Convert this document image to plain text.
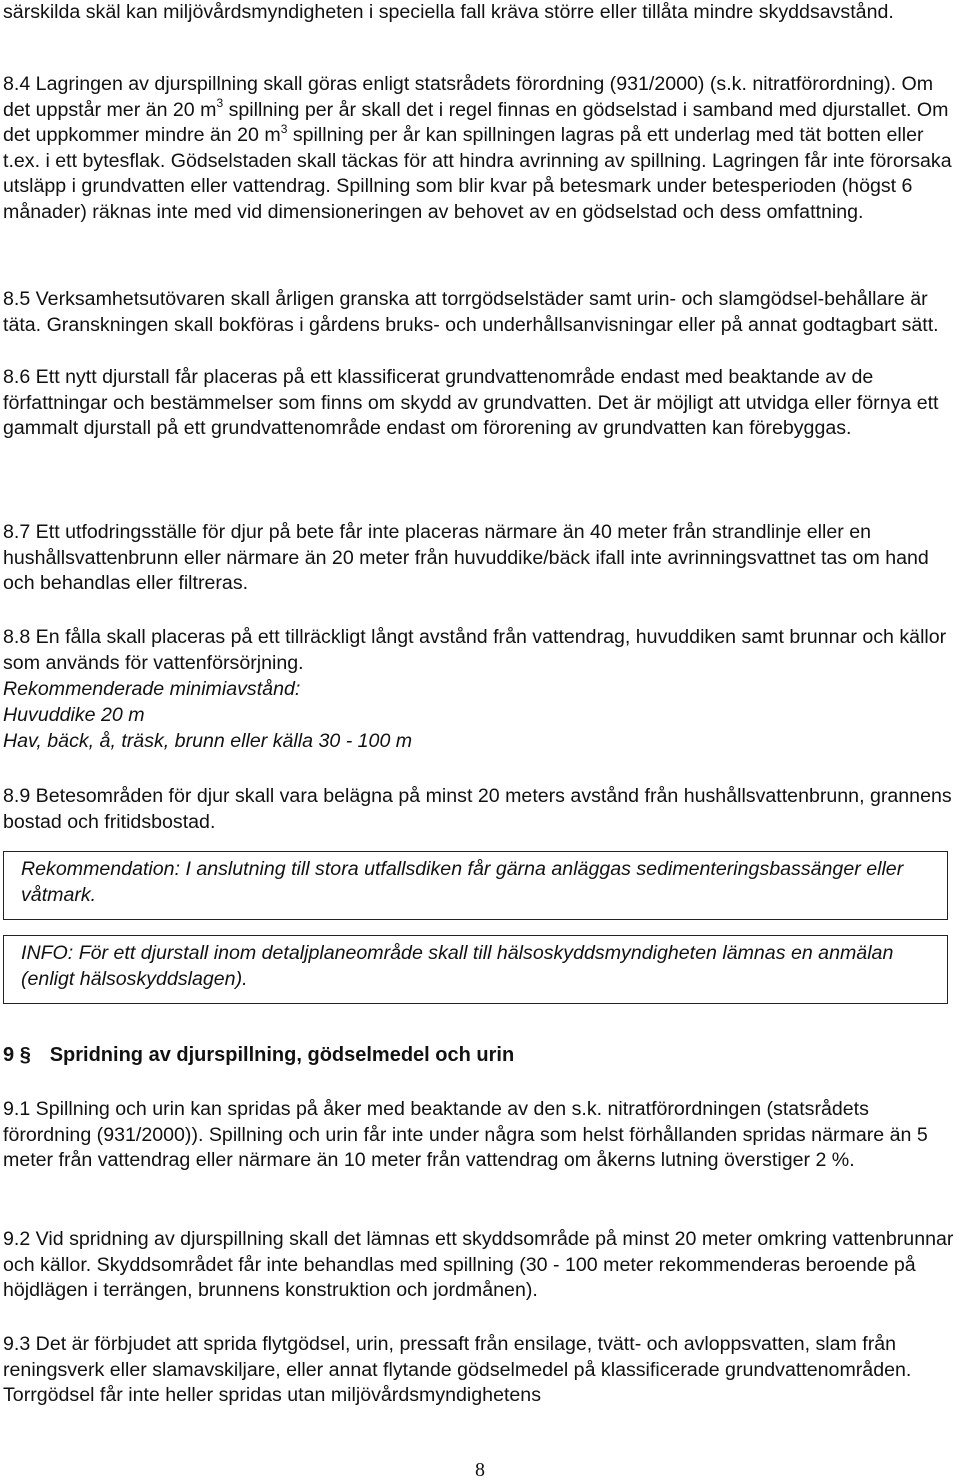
särskilda skäl kan miljövårdsmyndigheten i speciella fall kräva större eller tillåta mindre skyddsavstånd.

8.4 Lagringen av djurspillning skall göras enligt statsrådets förordning (931/2000) (s.k. nitratförordning). Om det uppstår mer än 20 $m^3$ spillning per år skall det i regel finnas en gödselstad i samband med djurstallet. Om det uppkommer mindre än 20 $m^3$ spillning per år kan spillningen lagras på ett underlag med tät botten eller t.ex. i ett bytesflak. Gödselstaden skall täckas för att hindra avrinning av spillning. Lagringen får inte förorsaka utsläpp i grundvatten eller vattendrag. Spillning som blir kvar på betesmark under betesperioden (högst 6 månader) räknas inte med vid dimensioneringen av behovet av en gödselstad och dess omfattning.

8.5 Verksamhetsutövaren skall årligen granska att torrgödselstäder samt urin- och slamgödsel-behållare är täta. Granskningen skall bokföras i gårdens bruks- och underhållsanvisningar eller på annat godtagbart sätt.

8.6 Ett nytt djurstall får placeras på ett klassificerat grundvattenområde endast med beaktande av de författningar och bestämmelser som finns om skydd av grundvatten. Det är möjligt att utvidga eller förnya ett gammalt djurstall på ett grundvattenområde endast om förorening av grundvatten kan förebyggas.

8.7 Ett utfodringsställe för djur på bete får inte placeras närmare än 40 meter från strandlinje eller en hushållsvattenbrunn eller närmare än 20 meter från huvuddike/bäck ifall inte avrinningsvattnet tas om hand och behandlas eller filtreras.

8.8 En fålla skall placeras på ett tillräckligt långt avstånd från vattendrag, huvuddiken samt brunnar och källor som används för vattenförsörjning.

Rekommenderade minimiavstånd:

Huvuddike 20 m

Hav, bäck, å, träsk, brunn eller källa 30 - 100 m

8.9 Betesområden för djur skall vara belägna på minst 20 meters avstånd från hushållsvattenbrunn, grannens bostad och fritidsbostad.

Rekommendation: I anslutning till stora utfallsdiken får gärna anläggas sedimenteringsbassänger eller våtmark.

INFO: För ett djurstall inom detaljplaneområde skall till hälsoskyddsmyndigheten lämnas en anmälan (enligt hälsoskyddslagen).

9 § Spridning av djurspillning, gödselmedel och urin

9.1 Spillning och urin kan spridas på åker med beaktande av den s.k. nitratförordningen (statsrådets förordning (931/2000)). Spillning och urin får inte under några som helst förhållanden spridas närmare än 5 meter från vattendrag eller närmare än 10 meter från vattendrag om åkerns lutning överstiger 2 %.

9.2 Vid spridning av djurspillning skall det lämnas ett skyddsområde på minst 20 meter omkring vattenbrunnar och källor. Skyddsområdet får inte behandlas med spillning (30 - 100 meter rekommenderas beroende på höjdlägen i terrängen, brunnens konstruktion och jordmånen).

9.3 Det är förbjudet att sprida flytgödsel, urin, pressaft från ensilage, tvätt- och avloppsvatten, slam från reningsverk eller slamavskiljare, eller annat flytande gödselmedel på klassificerade grundvattenområden. Torrgödsel får inte heller spridas utan miljövårdsmyndighetens

8
